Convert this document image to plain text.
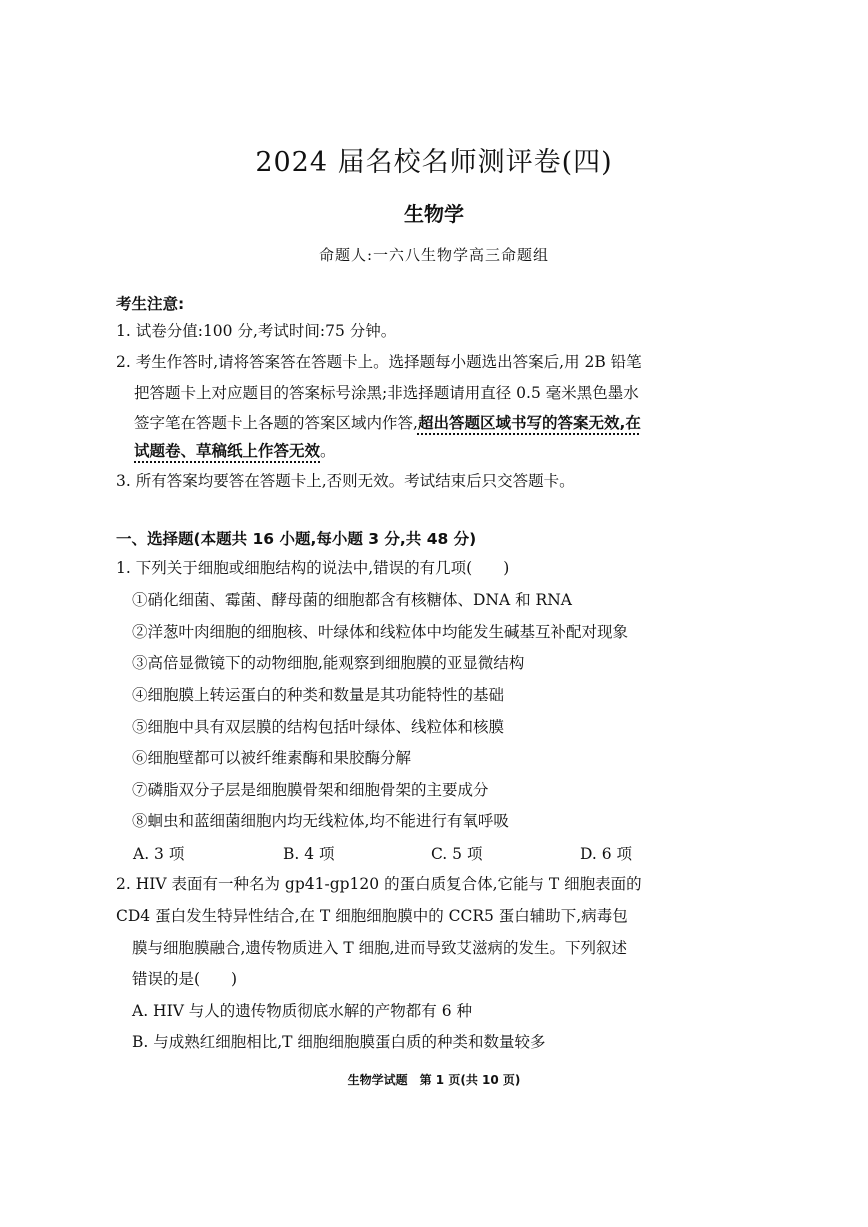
2024 届名校名师测评卷(四)
生物学
命题人:一六八生物学高三命题组
考生注意:
1. 试卷分值:100 分,考试时间:75 分钟。
2. 考生作答时,请将答案答在答题卡上。选择题每小题选出答案后,用 2B 铅笔
把答题卡上对应题目的答案标号涂黑;非选择题请用直径 0.5 毫米黑色墨水
签字笔在答题卡上各题的答案区域内作答,超出答题区域书写的答案无效,在
试题卷、草稿纸上作答无效。
3. 所有答案均要答在答题卡上,否则无效。考试结束后只交答题卡。
一、选择题(本题共 16 小题,每小题 3 分,共 48 分)
1. 下列关于细胞或细胞结构的说法中,错误的有几项(　　)
①硝化细菌、霉菌、酵母菌的细胞都含有核糖体、DNA 和 RNA
②洋葱叶肉细胞的细胞核、叶绿体和线粒体中均能发生碱基互补配对现象
③高倍显微镜下的动物细胞,能观察到细胞膜的亚显微结构
④细胞膜上转运蛋白的种类和数量是其功能特性的基础
⑤细胞中具有双层膜的结构包括叶绿体、线粒体和核膜
⑥细胞壁都可以被纤维素酶和果胶酶分解
⑦磷脂双分子层是细胞膜骨架和细胞骨架的主要成分
⑧蛔虫和蓝细菌细胞内均无线粒体,均不能进行有氧呼吸
A. 3 项	B. 4 项	C. 5 项	D. 6 项
2. HIV 表面有一种名为 gp41-gp120 的蛋白质复合体,它能与 T 细胞表面的
CD4 蛋白发生特异性结合,在 T 细胞细胞膜中的 CCR5 蛋白辅助下,病毒包
膜与细胞膜融合,遗传物质进入 T 细胞,进而导致艾滋病的发生。下列叙述
错误的是(　　)
A. HIV 与人的遗传物质彻底水解的产物都有 6 种
B. 与成熟红细胞相比,T 细胞细胞膜蛋白质的种类和数量较多
生物学试题　第 1 页(共 10 页)
